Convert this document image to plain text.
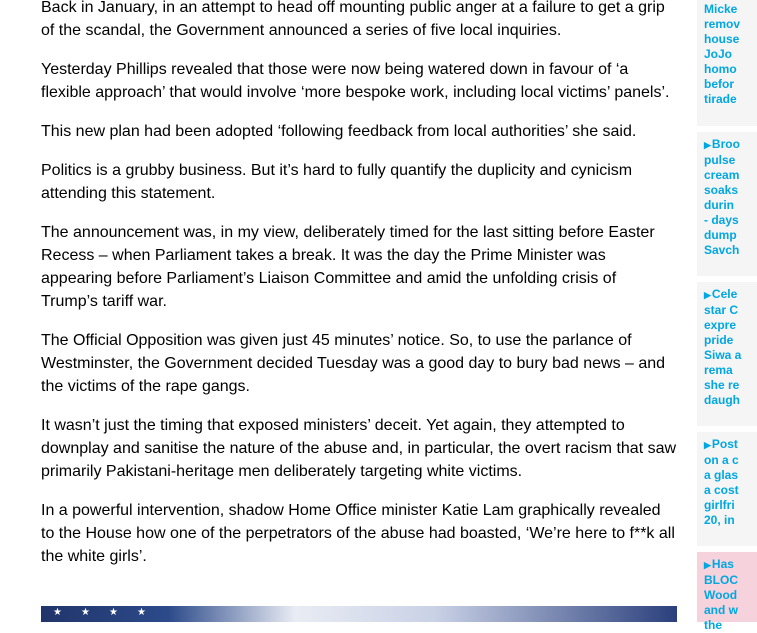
Back in January, in an attempt to head off mounting public anger at a failure to get a grip of the scandal, the Government announced a series of five local inquiries.

Yesterday Phillips revealed that those were now being watered down in favour of ‘a flexible approach’ that would involve ‘more bespoke work, including local victims’ panels’.

This new plan had been adopted ‘following feedback from local authorities’ she said.

Politics is a grubby business. But it’s hard to fully quantify the duplicity and cynicism attending this statement.

The announcement was, in my view, deliberately timed for the last sitting before Easter Recess – when Parliament takes a break. It was the day the Prime Minister was appearing before Parliament’s Liaison Committee and amid the unfolding crisis of Trump’s tariff war.

The Official Opposition was given just 45 minutes’ notice. So, to use the parlance of Westminster, the Government decided Tuesday was a good day to bury bad news – and the victims of the rape gangs.

It wasn’t just the timing that exposed ministers’ deceit. Yet again, they attempted to downplay and sanitise the nature of the abuse and, in particular, the overt racism that saw primarily Pakistani-heritage men deliberately targeting white victims.

In a powerful intervention, shadow Home Office minister Katie Lam graphically revealed to the House how one of the perpetrators of the abuse had boasted, ‘We’re here to f**k all the white girls’.

★ ★ ★ ★
Micke
remov
house
JoJo
homo
befor
tirade
▶Broo
pulse
cream
soaks
durin
- days
dump
Savch
▶Cele
star C
expre
pride
Siwa a
rema
she re
daugh
▶Post
on a c
a glas
a cost
girlfri
20, in
▶Has
BLOC
Wood
and w
the
